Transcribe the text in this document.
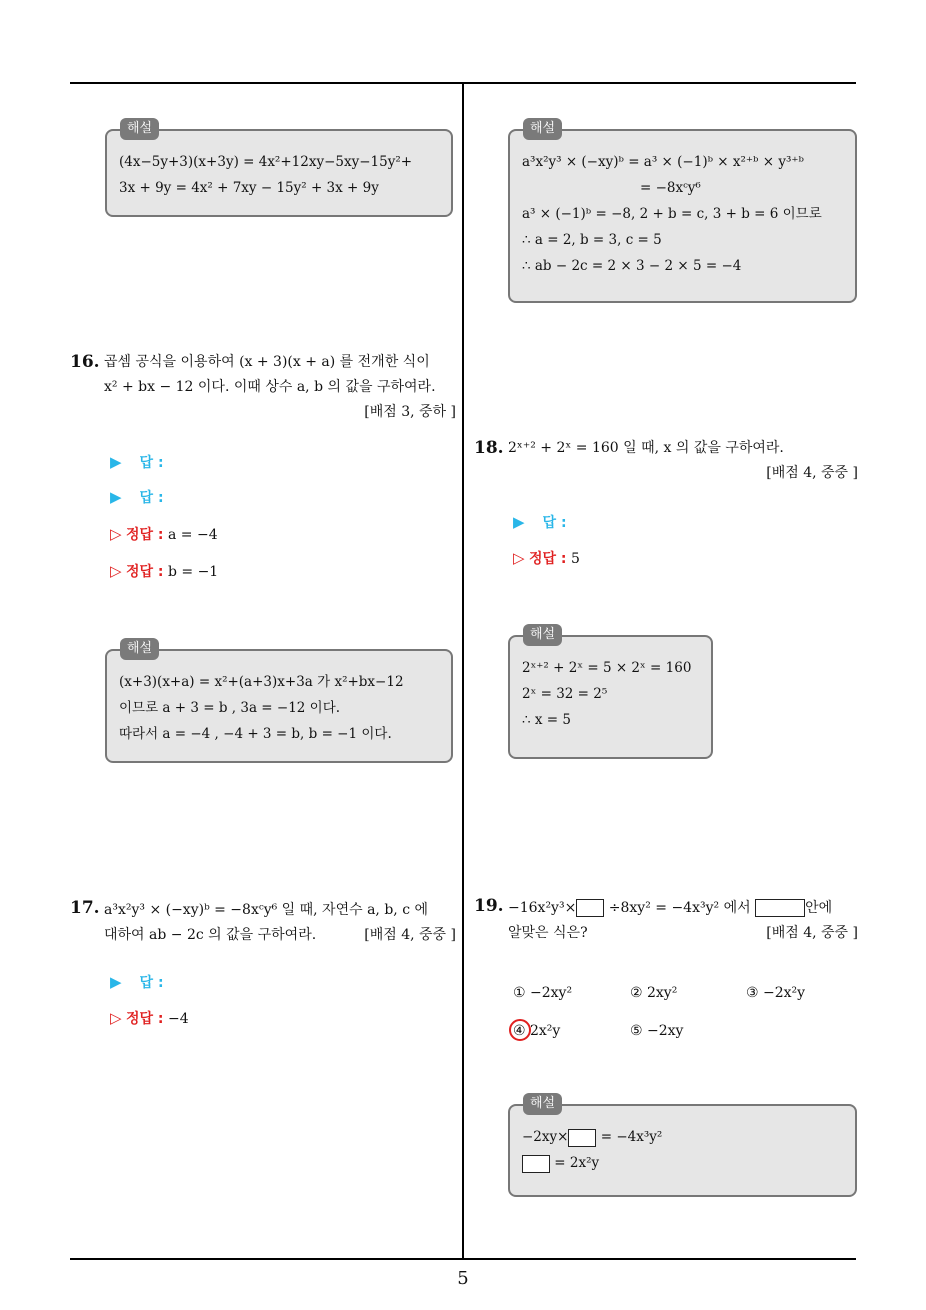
해설
(4x−5y+3)(x+3y) = 4x²+12xy−5xy−15y²+
3x + 9y = 4x² + 7xy − 15y² + 3x + 9y
해설
a³x²y³ × (−xy)ᵇ = a³ × (−1)ᵇ × x²⁺ᵇ × y³⁺ᵇ
= −8xᶜy⁶
a³ × (−1)ᵇ = −8, 2 + b = c, 3 + b = 6 이므로
∴ a = 2, b = 3, c = 5
∴ ab − 2c = 2 × 3 − 2 × 5 = −4
16. 곱셈 공식을 이용하여 (x + 3)(x + a) 를 전개한 식이
x² + bx − 12 이다. 이때 상수 a, b 의 값을 구하여라.
[배점 3, 중하 ]
▶ 답 :
▶ 답 :
▷ 정답 : a = −4
▷ 정답 : b = −1
해설
(x+3)(x+a) = x²+(a+3)x+3a 가 x²+bx−12
이므로 a + 3 = b , 3a = −12 이다.
따라서 a = −4 , −4 + 3 = b, b = −1 이다.
18. 2ˣ⁺² + 2ˣ = 160 일 때, x 의 값을 구하여라.
[배점 4, 중중 ]
▶ 답 :
▷ 정답 : 5
해설
2ˣ⁺² + 2ˣ = 5 × 2ˣ = 160
2ˣ = 32 = 2⁵
∴ x = 5
17. a³x²y³ × (−xy)ᵇ = −8xᶜy⁶ 일 때, 자연수 a, b, c 에
대하여 ab − 2c 의 값을 구하여라.	[배점 4, 중중 ]
▶ 답 :
▷ 정답 : −4
19. −16x²y³× ÷8xy² = −4x³y² 에서	안에
알맞은 식은?	[배점 4, 중중 ]
① −2xy²	② 2xy²	③ −2x²y
④ 2x²y	⑤ −2xy
해설
−2xy× = −4x³y²
= 2x²y
5
